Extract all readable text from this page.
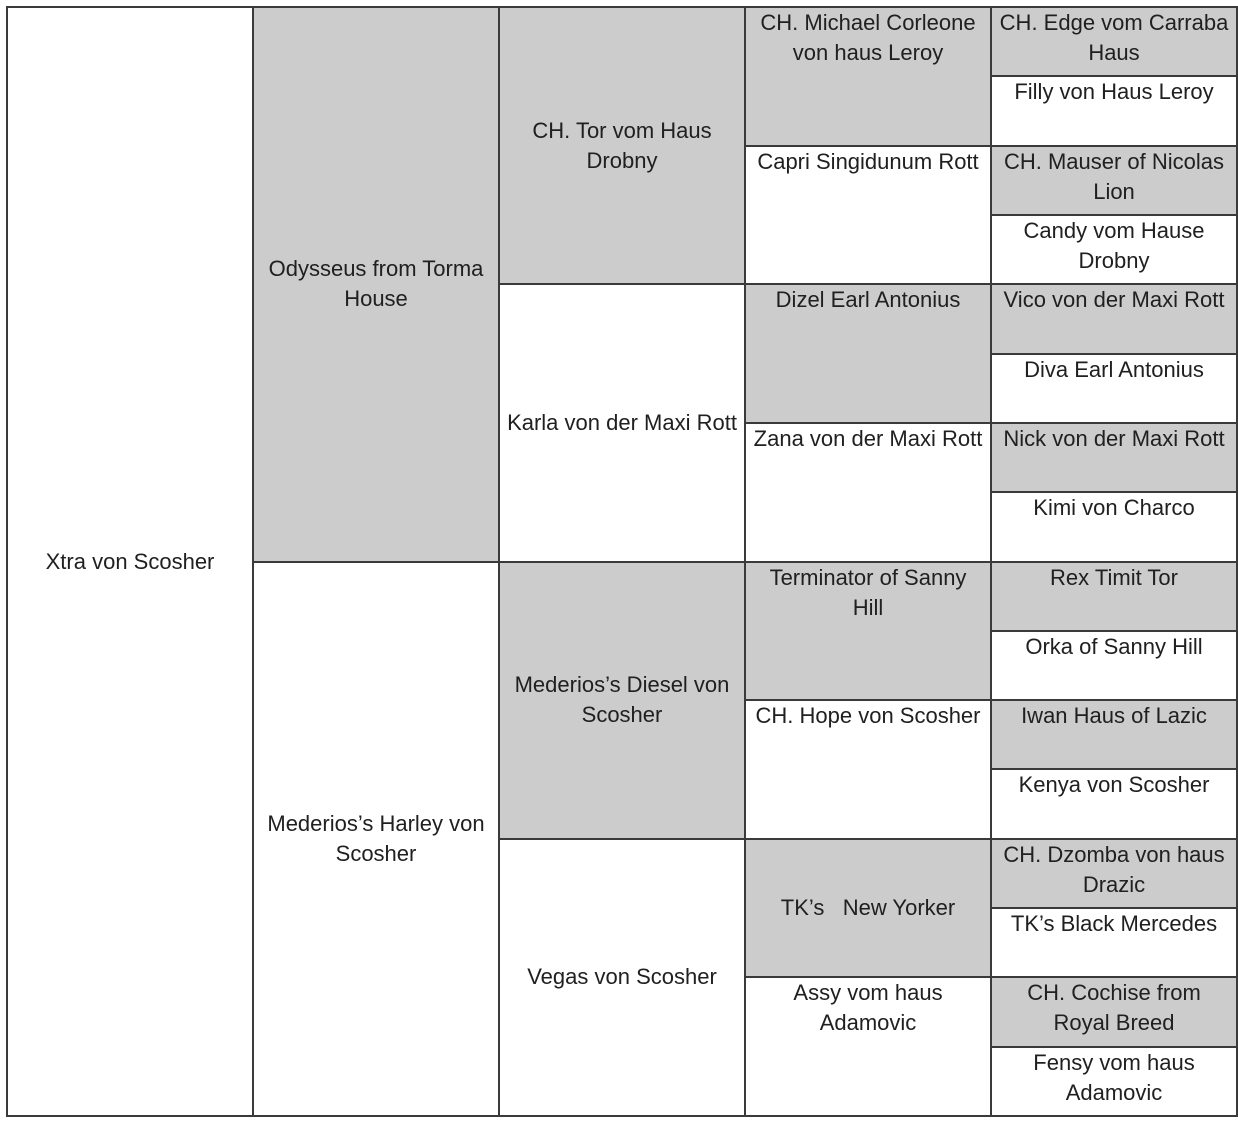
Xtra von Scosher	Odysseus from Torma House	CH. Tor vom Haus Drobny	CH. Michael Corleone von haus Leroy	CH. Edge vom Carraba Haus
				Filly von Haus Leroy
			Capri Singidunum Rott	CH. Mauser of Nicolas Lion
				Candy vom Hause Drobny
		Karla von der Maxi Rott	Dizel Earl Antonius	Vico von der Maxi Rott
				Diva Earl Antonius
			Zana von der Maxi Rott	Nick von der Maxi Rott
				Kimi von Charco
	Mederios’s Harley von Scosher	Mederios’s Diesel von Scosher	Terminator of Sanny Hill	Rex Timit Tor
				Orka of Sanny Hill
			CH. Hope von Scosher	Iwan Haus of Lazic
				Kenya von Scosher
		Vegas von Scosher	TK’s   New Yorker	CH. Dzomba von haus Drazic
				TK’s Black Mercedes
			Assy vom haus Adamovic	CH. Cochise from Royal Breed
				Fensy vom haus Adamovic
